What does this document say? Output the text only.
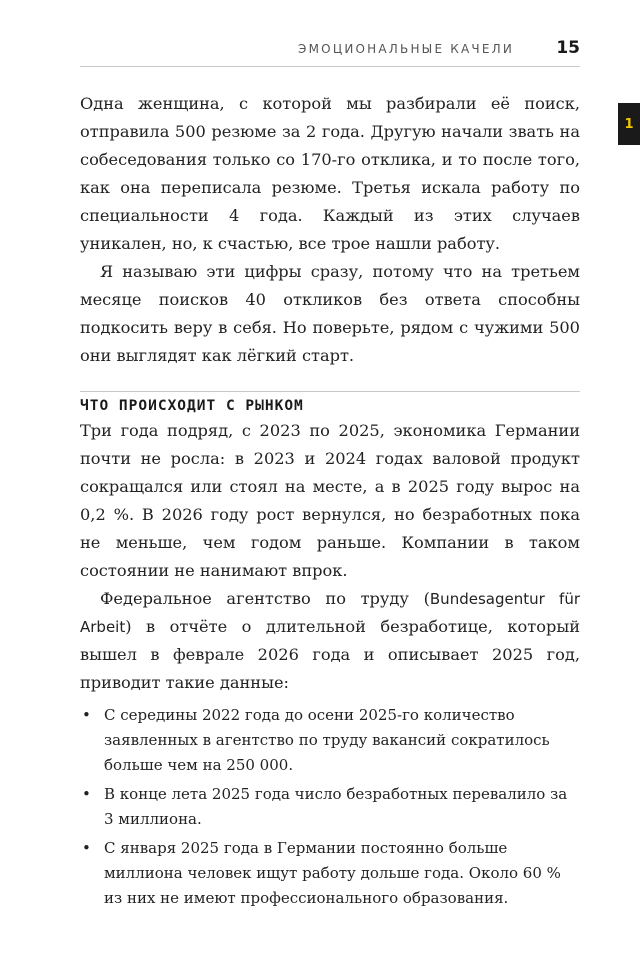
ЭМОЦИОНАЛЬНЫЕ КАЧЕЛИ 15
1

Одна женщина, с которой мы разбирали её поиск, отправила 500 резюме за 2 года. Другую начали звать на собеседования только со 170-го отклика, и то после того, как она переписала резюме. Третья искала работу по специальности 4 года. Каждый из этих случаев уникален, но, к счастью, все трое нашли работу.

Я называю эти цифры сразу, потому что на третьем месяце поисков 40 откликов без ответа способны подкосить веру в себя. Но поверьте, рядом с чужими 500 они выглядят как лёгкий старт.

ЧТО ПРОИСХОДИТ С РЫНКОМ

Три года подряд, с 2023 по 2025, экономика Германии почти не росла: в 2023 и 2024 годах валовой продукт сокращался или стоял на месте, а в 2025 году вырос на 0,2 %. В 2026 году рост вернулся, но безработных пока не меньше, чем годом раньше. Компании в таком состоянии не нанимают впрок.

Федеральное агентство по труду (Bundesagentur für Arbeit) в отчёте о длительной безработице, который вышел в феврале 2026 года и описывает 2025 год, приводит такие данные:

• С середины 2022 года до осени 2025-го количество заявленных в агентство по труду вакансий сократилось больше чем на 250 000.
• В конце лета 2025 года число безработных перевалило за 3 миллиона.
• С января 2025 года в Германии постоянно больше миллиона человек ищут работу дольше года. Около 60 % из них не имеют профессионального образования.
